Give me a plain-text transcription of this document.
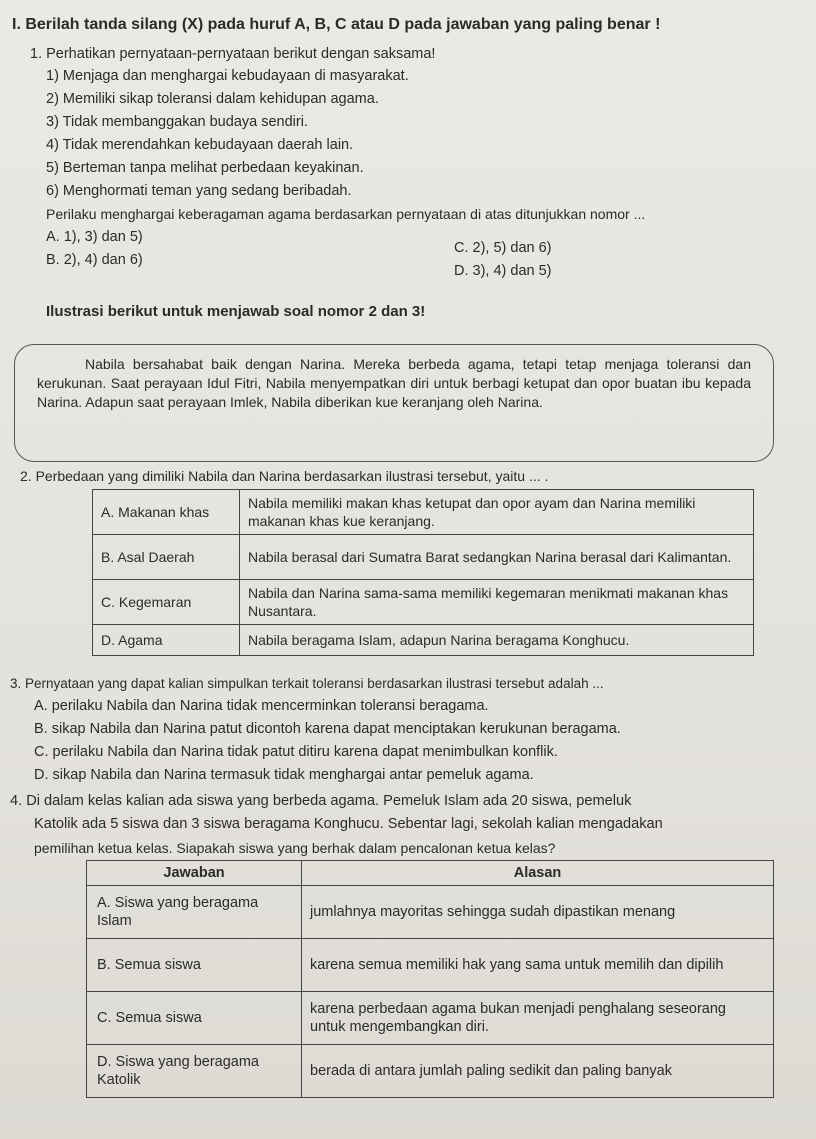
I. Berilah tanda silang (X) pada huruf A, B, C atau D pada jawaban yang paling benar !
1. Perhatikan pernyataan-pernyataan berikut dengan saksama!
1) Menjaga dan menghargai kebudayaan di masyarakat.
2) Memiliki sikap toleransi dalam kehidupan agama.
3) Tidak membanggakan budaya sendiri.
4) Tidak merendahkan kebudayaan daerah lain.
5) Berteman tanpa melihat perbedaan keyakinan.
6) Menghormati teman yang sedang beribadah.
Perilaku menghargai keberagaman agama berdasarkan pernyataan di atas ditunjukkan nomor ...
A. 1), 3) dan 5)
B. 2), 4) dan 6)
C. 2), 5) dan 6)
D. 3), 4) dan 5)
Ilustrasi berikut untuk menjawab soal nomor 2 dan 3!

Nabila bersahabat baik dengan Narina. Mereka berbeda agama, tetapi tetap menjaga toleransi dan kerukunan. Saat perayaan Idul Fitri, Nabila menyempatkan diri untuk berbagi ketupat dan opor buatan ibu kepada Narina. Adapun saat perayaan Imlek, Nabila diberikan kue keranjang oleh Narina.

2. Perbedaan yang dimiliki Nabila dan Narina berdasarkan ilustrasi tersebut, yaitu ... .
A. Makanan khas	Nabila memiliki makan khas ketupat dan opor ayam dan Narina memiliki makanan khas kue keranjang.
B. Asal Daerah	Nabila berasal dari Sumatra Barat sedangkan Narina berasal dari Kalimantan.
C. Kegemaran	Nabila dan Narina sama-sama memiliki kegemaran menikmati makanan khas Nusantara.
D. Agama	Nabila beragama Islam, adapun Narina beragama Konghucu.
3. Pernyataan yang dapat kalian simpulkan terkait toleransi berdasarkan ilustrasi tersebut adalah ...
A. perilaku Nabila dan Narina tidak mencerminkan toleransi beragama.
B. sikap Nabila dan Narina patut dicontoh karena dapat menciptakan kerukunan beragama.
C. perilaku Nabila dan Narina tidak patut ditiru karena dapat menimbulkan konflik.
D. sikap Nabila dan Narina termasuk tidak menghargai antar pemeluk agama.
4. Di dalam kelas kalian ada siswa yang berbeda agama. Pemeluk Islam ada 20 siswa, pemeluk
Katolik ada 5 siswa dan 3 siswa beragama Konghucu. Sebentar lagi, sekolah kalian mengadakan
pemilihan ketua kelas. Siapakah siswa yang berhak dalam pencalonan ketua kelas?
Jawaban	Alasan
A. Siswa yang beragama Islam	jumlahnya mayoritas sehingga sudah dipastikan menang
B. Semua siswa	karena semua memiliki hak yang sama untuk memilih dan dipilih
C. Semua siswa	karena perbedaan agama bukan menjadi penghalang seseorang untuk mengembangkan diri.
D. Siswa yang beragama Katolik	berada di antara jumlah paling sedikit dan paling banyak
